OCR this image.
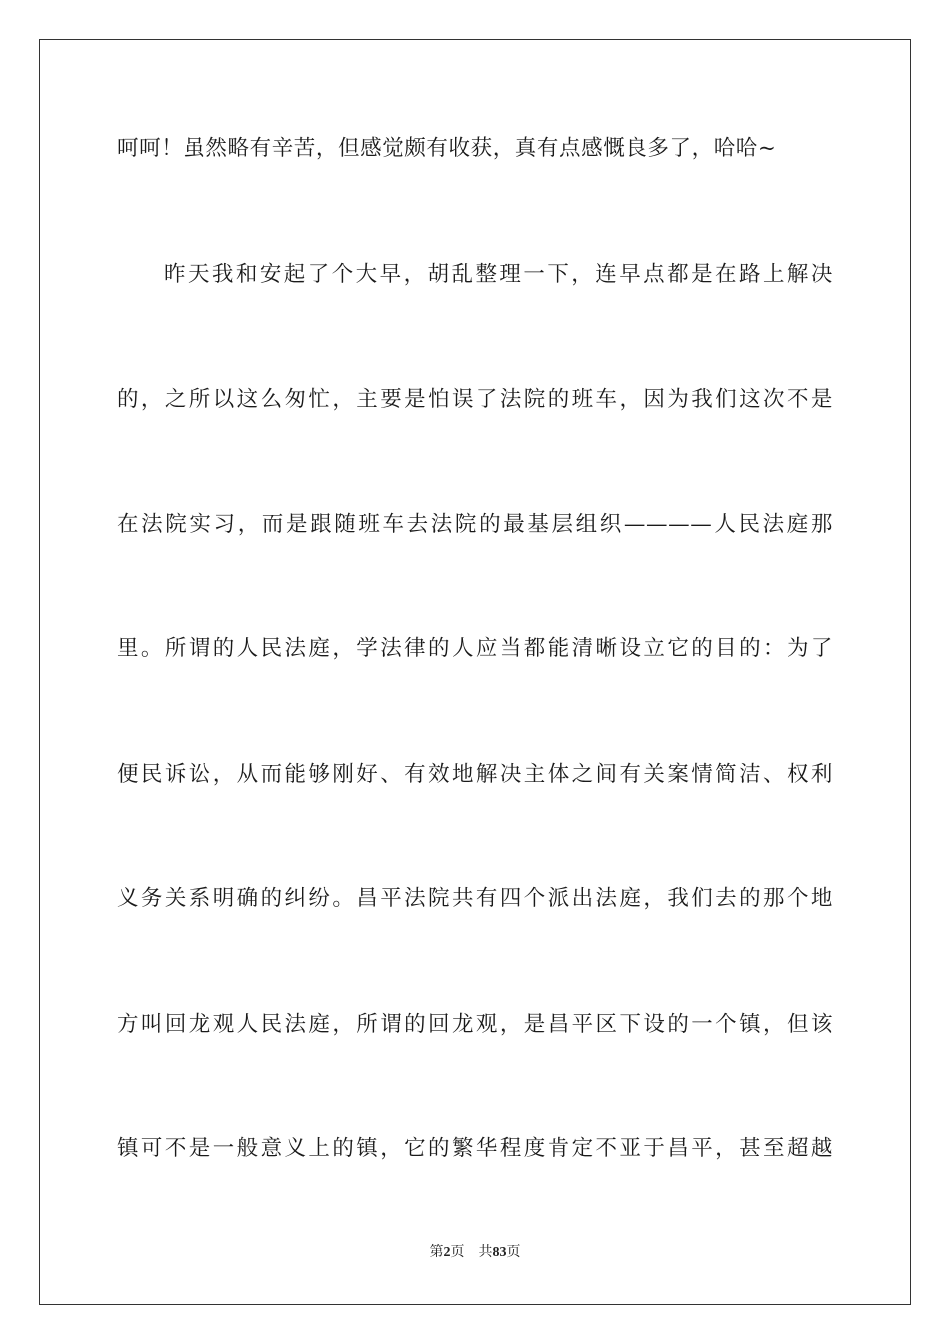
呵呵！虽然略有辛苦，但感觉颇有收获，真有点感慨良多了，哈哈~
昨天我和安起了个大早，胡乱整理一下，连早点都是在路上解决
的，之所以这么匆忙，主要是怕误了法院的班车，因为我们这次不是
在法院实习，而是跟随班车去法院的最基层组织————人民法庭那
里。所谓的人民法庭，学法律的人应当都能清晰设立它的目的：为了
便民诉讼，从而能够刚好、有效地解决主体之间有关案情简洁、权利
义务关系明确的纠纷。昌平法院共有四个派出法庭，我们去的那个地
方叫回龙观人民法庭，所谓的回龙观，是昌平区下设的一个镇，但该
镇可不是一般意义上的镇，它的繁华程度肯定不亚于昌平，甚至超越
第2页 共83页
